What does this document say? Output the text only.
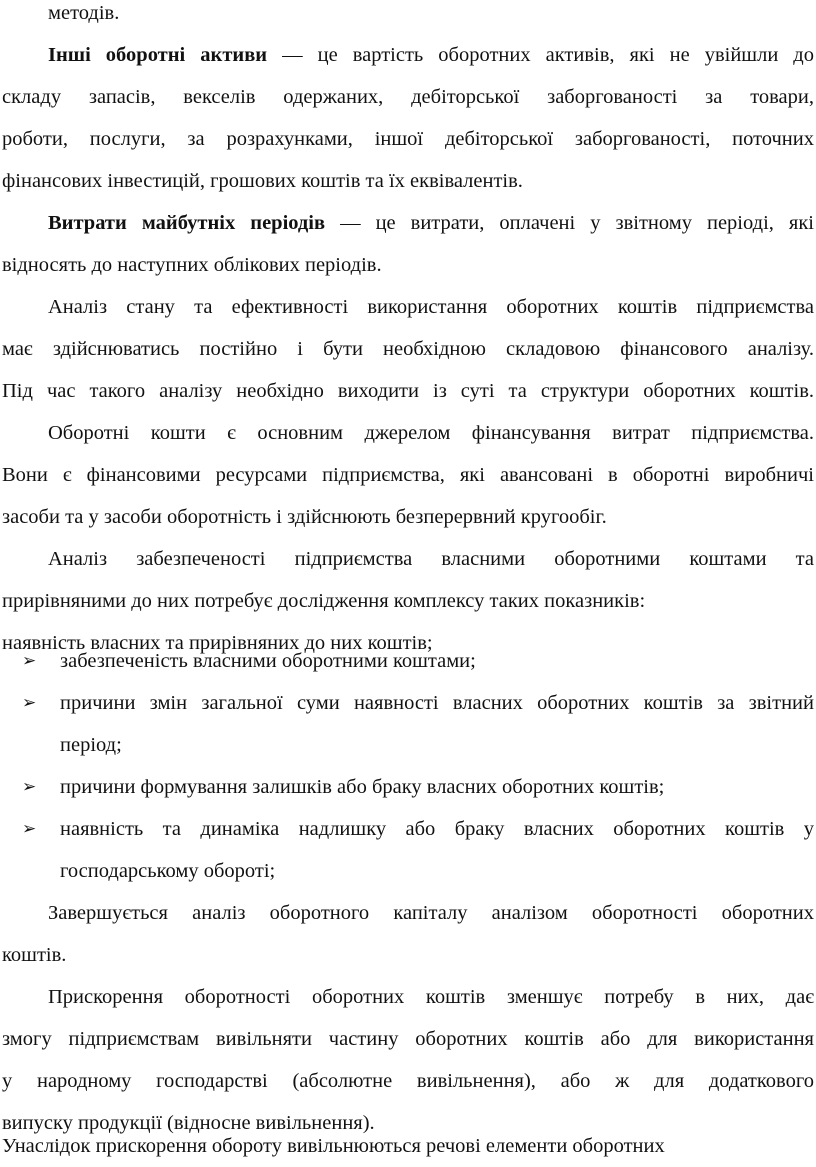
методів.
Інші оборотні активи — це вартість оборотних активів, які не увійшли до
складу запасів, векселів одержаних, дебіторської заборгованості за товари,
роботи, послуги, за розрахунками, іншої дебіторської заборгованості, поточних
фінансових інвестицій, грошових коштів та їх еквівалентів.
Витрати майбутніх періодів — це витрати, оплачені у звітному періоді, які
відносять до наступних облікових періодів.
Аналіз стану та ефективності використання оборотних коштів підприємства
має здійснюватись постійно і бути необхідною складовою фінансового аналізу.
Під час такого аналізу необхідно виходити із суті та структури оборотних коштів.
Оборотні кошти є основним джерелом фінансування витрат підприємства.
Вони є фінансовими ресурсами підприємства, які авансовані в оборотні виробничі
засоби та у засоби оборотність і здійснюють безперервний кругообіг.
Аналіз забезпеченості підприємства власними оборотними коштами та
прирівняними до них потребує дослідження комплексу таких показників:
наявність власних та прирівняних до них коштів;
➢ забезпеченість власними оборотними коштами;
➢ причини змін загальної суми наявності власних оборотних коштів за звітний
період;
➢ причини формування залишків або браку власних оборотних коштів;
➢ наявність та динаміка надлишку або браку власних оборотних коштів у
господарському обороті;
Завершується аналіз оборотного капіталу аналізом оборотності оборотних
коштів.
Прискорення оборотності оборотних коштів зменшує потребу в них, дає
змогу підприємствам вивільняти частину оборотних коштів або для використання
у народному господарстві (абсолютне вивільнення), або ж для додаткового
випуску продукції (відносне вивільнення).
Унаслідок прискорення обороту вивільнюються речові елементи оборотних
